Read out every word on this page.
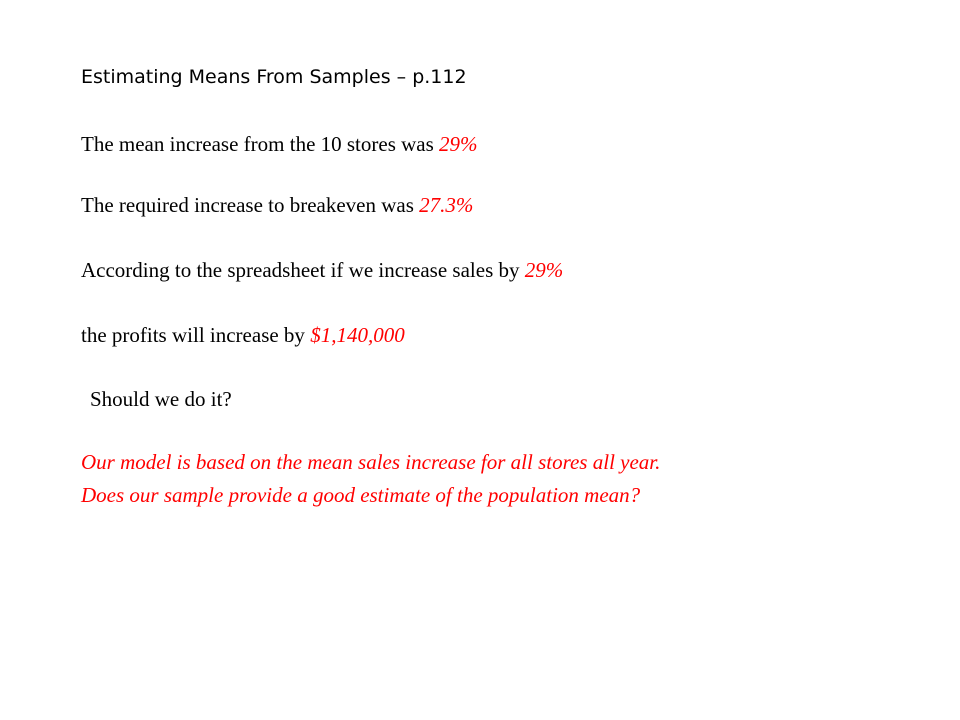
Estimating Means From Samples – p.112
The mean increase from the 10 stores was 29%
The required increase to breakeven was 27.3%
According to the spreadsheet if we increase sales by 29%
the profits will increase by $1,140,000
Should we do it?
Our model is based on the mean sales increase for all stores all year.
Does our sample provide a good estimate of the population mean?
